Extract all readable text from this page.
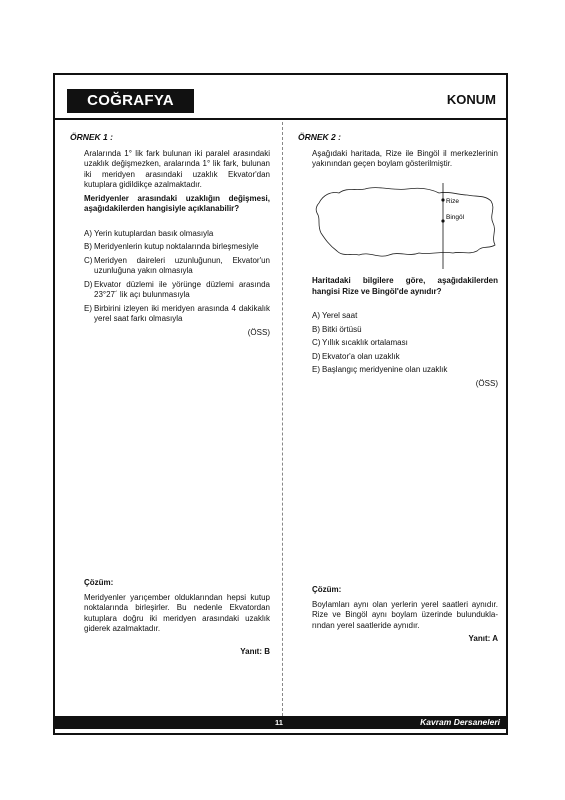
COĞRAFYA	KONUM
ÖRNEK 1 :

Aralarında 1° lik fark bulunan iki paralel arasındaki uzaklık değişmezken, aralarında 1° lik fark, bulunan iki meridyen arasındaki uzaklık Ekvator'dan kutuplara gidildikçe azalmaktadır.

Meridyenler arasındaki uzaklığın değişmesi, aşağıdakilerden hangisiyle açıklanabilir?

A) Yerin kutuplardan basık olmasıyla
B) Meridyenlerin kutup noktalarında birleşmesiyle
C) Meridyen daireleri uzunluğunun, Ekvator'un uzunluğuna yakın olmasıyla
D) Ekvator düzlemi ile yörünge düzlemi arasında 23°27´ lik açı bulunmasıyla
E) Birbirini izleyen iki meridyen arasında 4 dakikalık yerel saat farkı olmasıyla
(ÖSS)
Çözüm:

Meridyenler yarıçember olduklarından hepsi kutup noktalarında birleşirler. Bu nedenle Ekvatordan kutuplara doğru iki meridyen arasındaki uzaklık giderek azalmaktadır.

Yanıt: B
ÖRNEK 2 :

Aşağıdaki haritada, Rize ile Bingöl il merkezlerinin yakınından geçen boylam gösterilmiştir.

Rize
Bingöl

Haritadaki bilgilere göre, aşağıdakilerden hangisi Rize ve Bingöl'de aynıdır?

A) Yerel saat
B) Bitki örtüsü
C) Yıllık sıcaklık ortalaması
D) Ekvator'a olan uzaklık
E) Başlangıç meridyenine olan uzaklık
(ÖSS)
Çözüm:

Boylamları aynı olan yerlerin yerel saatleri aynıdır. Rize ve Bingöl aynı boylam üzerinde bulunduklarından yerel saatleride aynıdır.

Yanıt: A
11	Kavram Dersaneleri
